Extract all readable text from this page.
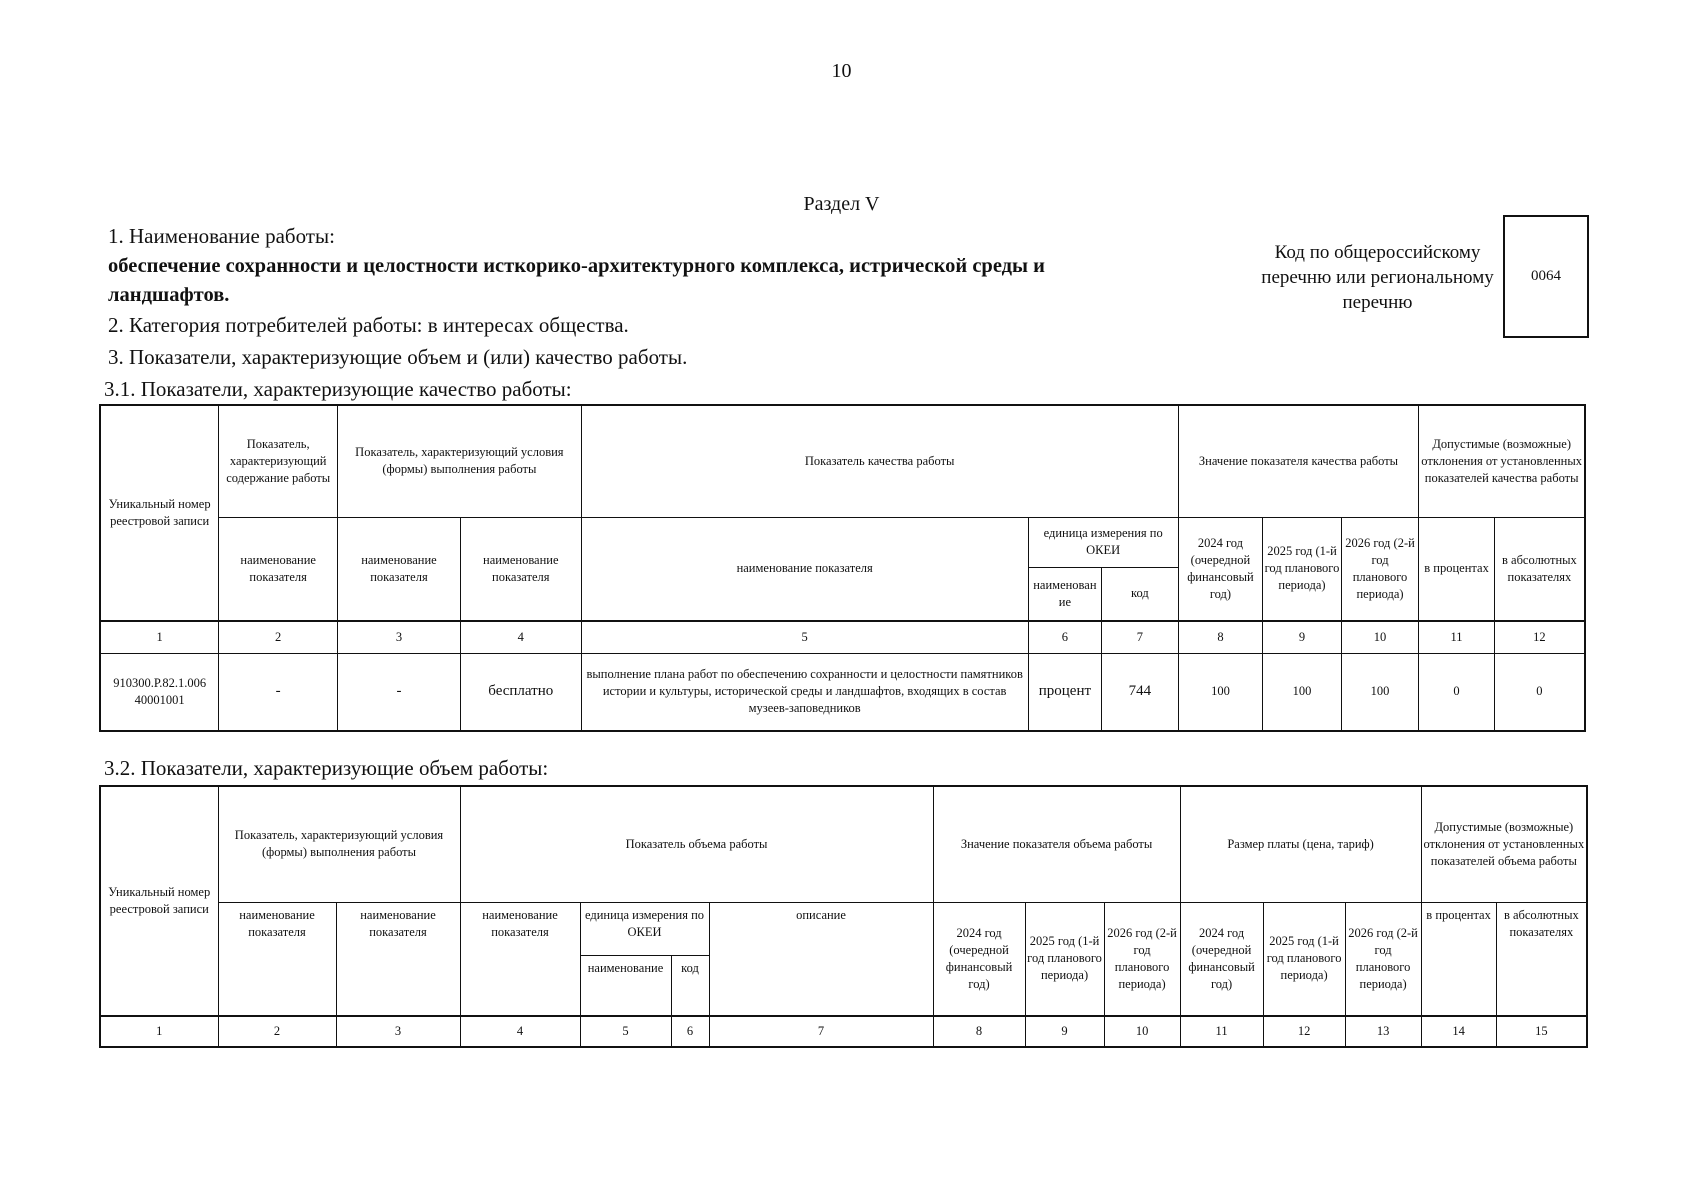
10
Раздел V
1. Наименование работы:
обеспечение сохранности и целостности исткорико-архитектурного комплекса, истрической среды и ландшафтов.
2. Категория потребителей работы: в интересах общества.
3. Показатели, характеризующие объем и (или) качество работы.
3.1. Показатели, характеризующие качество работы:
Код по общероссийскому перечню или региональному перечню
0064
Уникальный номер реестровой записи	Показатель, характеризующий содержание работы	Показатель, характеризующий условия (формы) выполнения работы		Показатель качества работы			Значение показателя качества работы			Допустимые (возможные) отклонения от установленных показателей качества работы	
	наименование показателя	наименование показателя	наименование показателя	наименование показателя	единица измерения по ОКЕИ		2024 год (очередной финансовый год)	2025 год (1-й год планового периода)	2026 год (2-й год планового периода)	в процентах	в абсолютных показателях
					наименован ие	код					
1	2	3	4	5	6	7	8	9	10	11	12
910300.Р.82.1.006 40001001	-	-	бесплатно	выполнение плана работ по обеспечению сохранности и целостности памятников истории и культуры, исторической среды и ландшафтов, входящих в состав музеев-заповедников	процент	744	100	100	100	0	0
3.2. Показатели, характеризующие объем работы:
Уникальный номер реестровой записи	Показатель, характеризующий условия (формы) выполнения работы		Показатель объема работы				Значение показателя объема работы			Размер платы (цена, тариф)			Допустимые (возможные) отклонения от установленных показателей объема работы	
	наименование показателя	наименование показателя	наименование показателя	единица измерения по ОКЕИ		описание	2024 год (очередной финансовый год)	2025 год (1-й год планового периода)	2026 год (2-й год планового периода)	2024 год (очередной финансовый год)	2025 год (1-й год планового периода)	2026 год (2-й год планового периода)	в процентах	в абсолютных показателях
				наименование	код									
1	2	3	4	5	6	7	8	9	10	11	12	13	14	15
